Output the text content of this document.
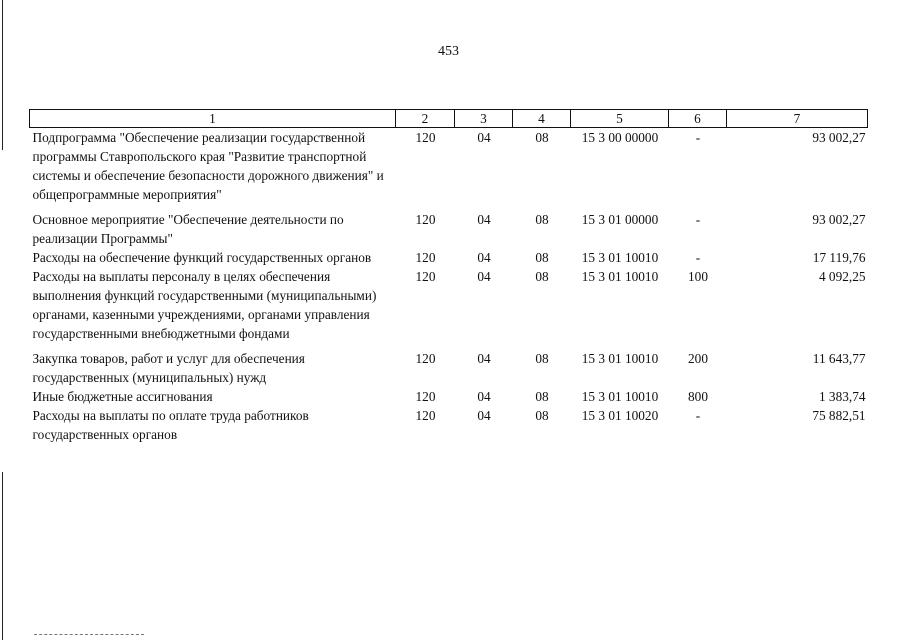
453
1	2	3	4	5	6	7
Подпрограмма "Обеспечение реализации государственной программы Ставропольского края "Развитие транспортной системы и обеспечение безопасности дорожного движения" и общепрограммные мероприятия"	120	04	08	15 3 00 00000	-	93 002,27
Основное мероприятие "Обеспечение деятельности по реализации Программы"	120	04	08	15 3 01 00000	-	93 002,27
Расходы на обеспечение функций государственных органов	120	04	08	15 3 01 10010	-	17 119,76
Расходы на выплаты персоналу в целях обеспечения выполнения функций государственными (муниципальными) органами, казенными учреждениями, органами управления государственными внебюджетными фондами	120	04	08	15 3 01 10010	100	4 092,25
Закупка товаров, работ и услуг для обеспечения государственных (муниципальных) нужд	120	04	08	15 3 01 10010	200	11 643,77
Иные бюджетные ассигнования	120	04	08	15 3 01 10010	800	1 383,74
Расходы на выплаты по оплате труда работников государственных органов	120	04	08	15 3 01 10020	-	75 882,51
